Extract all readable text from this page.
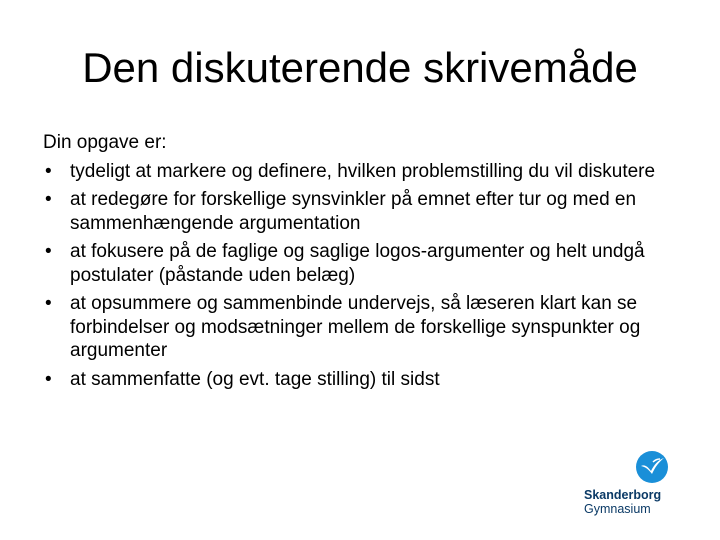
Den diskuterende skrivemåde

Din opgave er:

• tydeligt at markere og definere, hvilken problemstilling du vil diskutere
• at redegøre for forskellige synsvinkler på emnet efter tur og med en sammenhængende argumentation
• at fokusere på de faglige og saglige logos-argumenter og helt undgå postulater (påstande uden belæg)
• at opsummere og sammenbinde undervejs, så læseren klart kan se forbindelser og modsætninger mellem de forskellige synspunkter og argumenter
• at sammenfatte (og evt. tage stilling) til sidst
Skanderborg
Gymnasium
